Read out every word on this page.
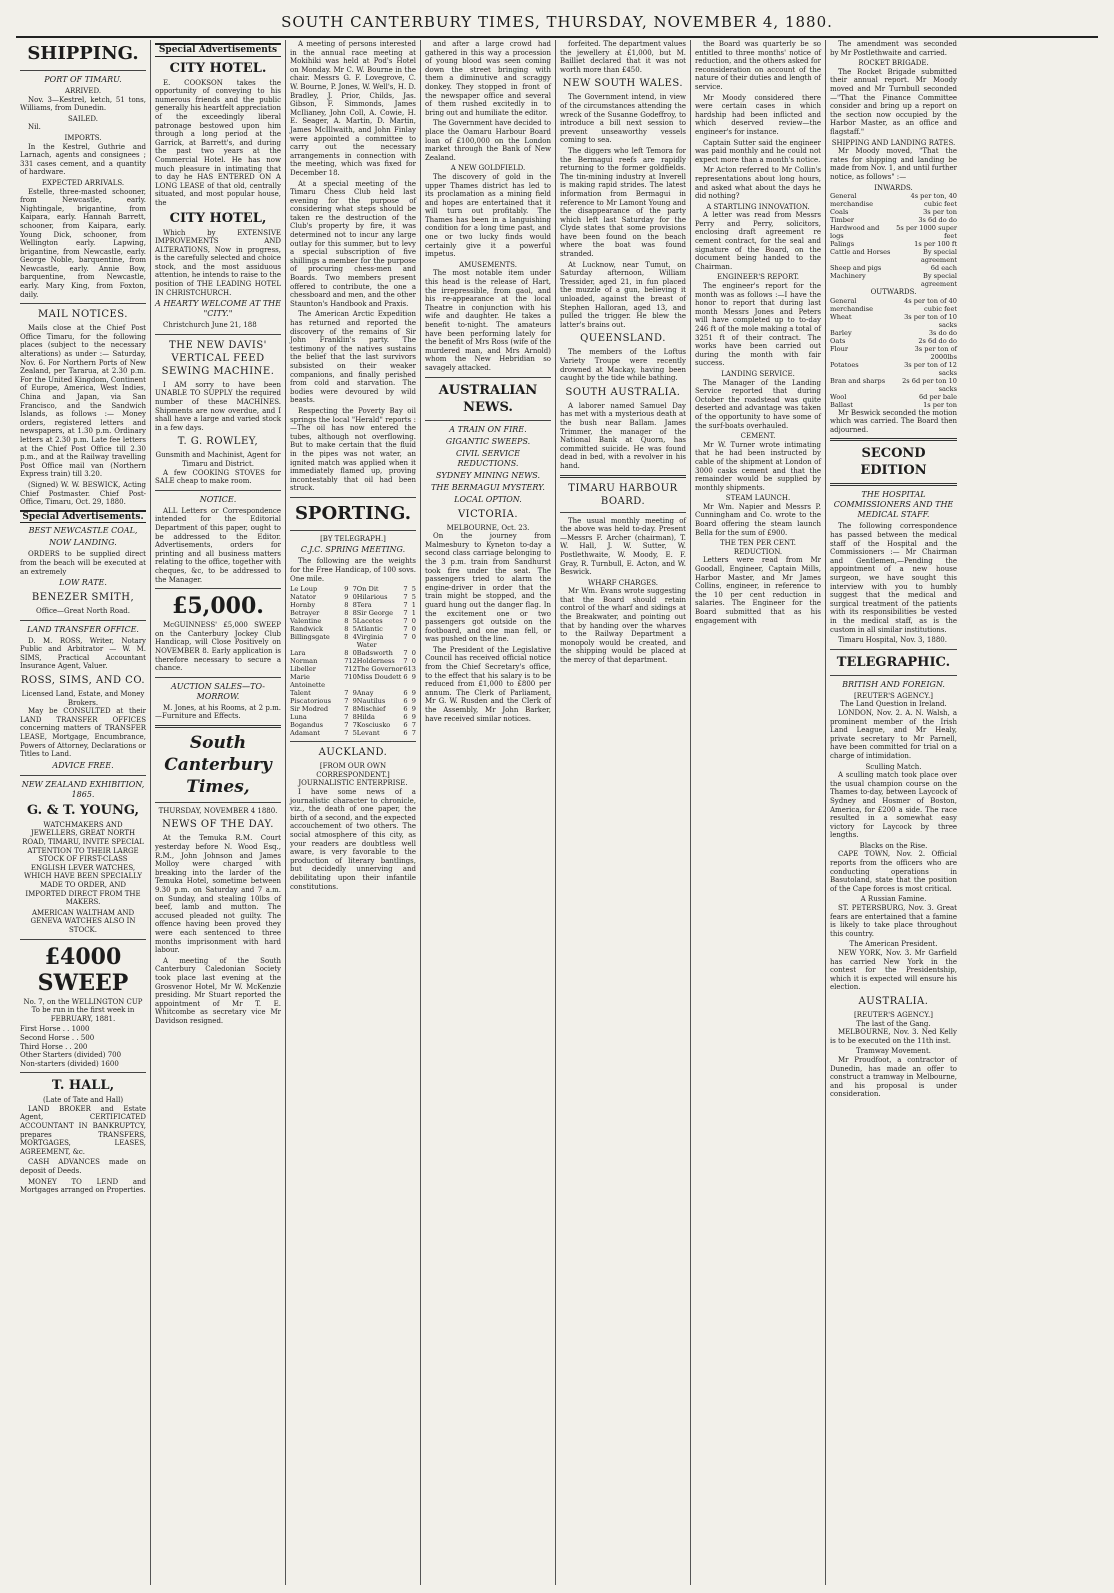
SOUTH CANTERBURY TIMES, THURSDAY, NOVEMBER 4, 1880.
SHIPPING.
PORT OF TIMARU.
ARRIVED.

Nov. 3—Kestrel, ketch, 51 tons, Williams, from Dunedin.

SAILED.

Nil.

IMPORTS.

In the Kestrel, Guthrie and Larnach, agents and consignees ; 331 cases cement, and a quantity of hardware.

EXPECTED ARRIVALS.

Estelle, three-masted schooner, from Newcastle, early. Nightingale, brigantine, from Kaipara, early. Hannah Barrett, schooner, from Kaipara, early. Young Dick, schooner, from Wellington early. Lapwing, brigantine, from Newcastle, early. George Noble, barquentine, from Newcastle, early. Annie Bow, barquentine, from Newcastle, early. Mary King, from Foxton, daily.

MAIL NOTICES.

Mails close at the Chief Post Office Timaru, for the following places (subject to the necessary alterations) as under :— Saturday, Nov. 6. For Northern Ports of New Zealand, per Tararua, at 2.30 p.m. For the United Kingdom, Continent of Europe, America, West Indies, China and Japan, via San Francisco, and the Sandwich Islands, as follows :— Money orders, registered letters and newspapers, at 1.30 p.m. Ordinary letters at 2.30 p.m. Late fee letters at the Chief Post Office till 2.30 p.m., and at the Railway travelling Post Office mail van (Northern Express train) till 3.20.

(Signed) W. W. BESWICK, Acting Chief Postmaster. Chief Post-Office, Timaru, Oct. 29, 1880.

Special Advertisements.
BEST NEWCASTLE COAL,
NOW LANDING.

ORDERS to be supplied direct from the beach will be executed at an extremely

LOW RATE.
BENEZER SMITH,
Office—Great North Road.
LAND TRANSFER OFFICE.

D. M. ROSS, Writer, Notary Public and Arbitrator — W. M. SIMS, Practical Accountant Insurance Agent, Valuer.

ROSS, SIMS, AND CO.
Licensed Land, Estate, and Money Brokers.

May be CONSULTED at their LAND TRANSFER OFFICES concerning matters of TRANSFER LEASE, Mortgage, Encumbrance, Powers of Attorney, Declarations or Titles to Land.

ADVICE FREE.
NEW ZEALAND EXHIBITION, 1865.
G. & T. YOUNG,

WATCHMAKERS AND JEWELLERS, GREAT NORTH ROAD, TIMARU, INVITE SPECIAL ATTENTION TO THEIR LARGE STOCK OF FIRST-CLASS ENGLISH LEVER WATCHES, WHICH HAVE BEEN SPECIALLY MADE TO ORDER, AND IMPORTED DIRECT FROM THE MAKERS.

AMERICAN WALTHAM AND GENEVA WATCHES ALSO IN STOCK.

£4000 SWEEP
No. 7, on the WELLINGTON CUP

To be run in the first week in FEBRUARY, 1881.

First Horse . . 1000
Second Horse . . 500
Third Horse . . 200
Other Starters (divided) 700
Non-starters (divided) 1600
T. HALL,
(Late of Tate and Hall)

LAND BROKER and Estate Agent, CERTIFICATED ACCOUNTANT IN BANKRUPTCY, prepares TRANSFERS, MORTGAGES, LEASES, AGREEMENT, &c.

CASH ADVANCES made on deposit of Deeds.

MONEY TO LEND and Mortgages arranged on Properties.

Special Advertisements
CITY HOTEL.

E. COOKSON takes the opportunity of conveying to his numerous friends and the public generally his heartfelt appreciation of the exceedingly liberal patronage bestowed upon him through a long period at the Garrick, at Barrett's, and during the past two years at the Commercial Hotel. He has now much pleasure in intimating that to day he HAS ENTERED ON A LONG LEASE of that old, centrally situated, and most popular house, the

CITY HOTEL,

Which by EXTENSIVE IMPROVEMENTS AND ALTERATIONS, Now in progress, is the carefully selected and choice stock, and the most assiduous attention, he intends to raise to the position of THE LEADING HOTEL IN CHRISTCHURCH.

A HEARTY WELCOME AT THE "CITY."

Christchurch June 21, 188

THE NEW DAVIS' VERTICAL FEED SEWING MACHINE.

I AM sorry to have been UNABLE TO SUPPLY the required number of these MACHINES. Shipments are now overdue, and I shall have a large and varied stock in a few days.

T. G. ROWLEY,
Gunsmith and Machinist, Agent for Timaru and District.

A few COOKING STOVES for SALE cheap to make room.

NOTICE.

ALL Letters or Correspondence intended for the Editorial Department of this paper, ought to be addressed to the Editor. Advertisements, orders for printing and all business matters relating to the office, together with cheques, &c, to be addressed to the Manager.

£5,000.

McGUINNESS' £5,000 SWEEP on the Canterbury Jockey Club Handicap, will Close Positively on NOVEMBER 8. Early application is therefore necessary to secure a chance.

AUCTION SALES—TO-MORROW.

M. Jones, at his Rooms, at 2 p.m.—Furniture and Effects.

South Canterbury Times,
THURSDAY, NOVEMBER 4 1880.
NEWS OF THE DAY.

At the Temuka R.M. Court yesterday before N. Wood Esq., R.M., John Johnson and James Molloy were charged with breaking into the larder of the Temuka Hotel, sometime between 9.30 p.m. on Saturday and 7 a.m. on Sunday, and stealing 10lbs of beef, lamb and mutton. The accused pleaded not guilty. The offence having been proved they were each sentenced to three months imprisonment with hard labour.

A meeting of the South Canterbury Caledonian Society took place last evening at the Grosvenor Hotel, Mr W. McKenzie presiding. Mr Stuart reported the appointment of Mr T. E. Whitcombe as secretary vice Mr Davidson resigned.

A meeting of persons interested in the annual race meeting at Mokihiki was held at Pod's Hotel on Monday. Mr C. W. Bourne in the chair. Messrs G. F. Lovegrove, C. W. Bourne, P. Jones, W. Well's, H. D. Bradley, J. Prior, Childs, Jas. Gibson, F. Simmonds, James McIlianey, John Coll, A. Cowie, H. E. Seager, A. Martin, D. Martin, James McIllwaith, and John Finlay were appointed a committee to carry out the necessary arrangements in connection with the meeting, which was fixed for December 18.

At a special meeting of the Timaru Chess Club held last evening for the purpose of considering what steps should be taken re the destruction of the Club's property by fire, it was determined not to incur any large outlay for this summer, but to levy a special subscription of five shillings a member for the purpose of procuring chess-men and Boards. Two members present offered to contribute, the one a chessboard and men, and the other Staunton's Handbook and Praxis.

The American Arctic Expedition has returned and reported the discovery of the remains of Sir John Franklin's party. The testimony of the natives sustains the belief that the last survivors subsisted on their weaker companions, and finally perished from cold and starvation. The bodies were devoured by wild beasts.

Respecting the Poverty Bay oil springs the local "Herald" reports :—The oil has now entered the tubes, although not overflowing. But to make certain that the fluid in the pipes was not water, an ignited match was applied when it immediately flamed up, proving incontestably that oil had been struck.

SPORTING.
[BY TELEGRAPH.]
C.J.C. SPRING MEETING.

The following are the weights for the Free Handicap, of 100 sovs. One mile.

Le Loup	9	7	On Dit	7	5
Natator	9	0	Hilarious	7	5
Hornby	8	8	Tera	7	1
Betrayer	8	8	Sir George	7	1
Valentine	8	5	Lacetes	7	0
Randwick	8	5	Atlantic	7	0
Billingsgate	8	4	Virginia Water	7	0
Lara	8	0	Badsworth	7	0
Norman	7	12	Holderness	7	0
Libeller	7	12	The Governor	6	13
Marie Antoinette	7	10	Miss Doudett	6	9
Talent	7	9	Anay	6	9
Piscatorious	7	9	Nautilus	6	9
Sir Modred	7	8	Mischief	6	9
Luna	7	8	Hilda	6	9
Bogandus	7	7	Kosciusko	6	7
Adamant	7	5	Levant	6	7
AUCKLAND.
[FROM OUR OWN CORRESPONDENT.]
JOURNALISTIC ENTERPRISE.

I have some news of a journalistic character to chronicle, viz., the death of one paper, the birth of a second, and the expected accouchement of two others. The social atmosphere of this city, as your readers are doubtless well aware, is very favorable to the production of literary bantlings, but decidedly unnerving and debilitating upon their infantile constitutions.

and after a large crowd had gathered in this way a procession of young blood was seen coming down the street bringing with them a diminutive and scraggy donkey. They stopped in front of the newspaper office and several of them rushed excitedly in to bring out and humiliate the editor.

The Government have decided to place the Oamaru Harbour Board loan of £100,000 on the London market through the Bank of New Zealand.

A NEW GOLDFIELD.

The discovery of gold in the upper Thames district has led to its proclamation as a mining field and hopes are entertained that it will turn out profitably. The Thames has been in a languishing condition for a long time past, and one or two lucky finds would certainly give it a powerful impetus.

AMUSEMENTS.

The most notable item under this head is the release of Hart, the irrepressible, from gaol, and his re-appearance at the local Theatre in conjunction with his wife and daughter. He takes a benefit to-night. The amateurs have been performing lately for the benefit of Mrs Ross (wife of the murdered man, and Mrs Arnold) whom the New Hebridian so savagely attacked.

AUSTRALIAN NEWS.
A TRAIN ON FIRE.
GIGANTIC SWEEPS.
CIVIL SERVICE REDUCTIONS.
SYDNEY MINING NEWS.
THE BERMAGUI MYSTERY.
LOCAL OPTION.
VICTORIA.
MELBOURNE, Oct. 23.

On the journey from Malmesbury to Kyneton to-day a second class carriage belonging to the 3 p.m. train from Sandhurst took fire under the seat. The passengers tried to alarm the engine-driver in order that the train might be stopped, and the guard hung out the danger flag. In the excitement one or two passengers got outside on the footboard, and one man fell, or was pushed on the line.

The President of the Legislative Council has received official notice from the Chief Secretary's office, to the effect that his salary is to be reduced from £1,000 to £800 per annum. The Clerk of Parliament, Mr G. W. Rusden and the Clerk of the Assembly, Mr John Barker, have received similar notices.

forfeited. The department values the jewellery at £1,000, but M. Bailliet declared that it was not worth more than £450.

NEW SOUTH WALES.

The Government intend, in view of the circumstances attending the wreck of the Susanne Godeffroy, to introduce a bill next session to prevent unseaworthy vessels coming to sea.

The diggers who left Temora for the Bermagui reefs are rapidly returning to the former goldfields. The tin-mining industry at Inverell is making rapid strides. The latest information from Bermagui in reference to Mr Lamont Young and the disappearance of the party which left last Saturday for the Clyde states that some provisions have been found on the beach where the boat was found stranded.

At Lucknow, near Tumut, on Saturday afternoon, William Tressider, aged 21, in fun placed the muzzle of a gun, believing it unloaded, against the breast of Stephen Halloran, aged 13, and pulled the trigger. He blew the latter's brains out.

QUEENSLAND.

The members of the Loftus Variety Troupe were recently drowned at Mackay, having been caught by the tide while bathing.

SOUTH AUSTRALIA.

A laborer named Samuel Day has met with a mysterious death at the bush near Ballam. James Trimmer, the manager of the National Bank at Quorn, has committed suicide. He was found dead in bed, with a revolver in his hand.

TIMARU HARBOUR BOARD.

The usual monthly meeting of the above was held to-day. Present—Messrs F. Archer (chairman), T. W. Hall, J. W. Sutter, W. Postlethwaite, W. Moody, E. F. Gray, R. Turnbull, E. Acton, and W. Beswick.

WHARF CHARGES.

Mr Wm. Evans wrote suggesting that the Board should retain control of the wharf and sidings at the Breakwater, and pointing out that by handing over the wharves to the Railway Department a monopoly would be created, and the shipping would be placed at the mercy of that department.

the Board was quarterly be so entitled to three months' notice of reduction, and the others asked for reconsideration on account of the nature of their duties and length of service.

Mr Moody considered there were certain cases in which hardship had been inflicted and which deserved review—the engineer's for instance.

Captain Sutter said the engineer was paid monthly and he could not expect more than a month's notice.

Mr Acton referred to Mr Collin's representations about long hours, and asked what about the days he did nothing?

A STARTLING INNOVATION.

A letter was read from Messrs Perry and Perry, solicitors, enclosing draft agreement re cement contract, for the seal and signature of the Board, on the document being handed to the Chairman.

ENGINEER'S REPORT.

The engineer's report for the month was as follows :—I have the honor to report that during last month Messrs Jones and Peters will have completed up to to-day 246 ft of the mole making a total of 3251 ft of their contract. The works have been carried out during the month with fair success.

LANDING SERVICE.

The Manager of the Landing Service reported that during October the roadstead was quite deserted and advantage was taken of the opportunity to have some of the surf-boats overhauled.

CEMENT.

Mr W. Turner wrote intimating that he had been instructed by cable of the shipment at London of 3000 casks cement and that the remainder would be supplied by monthly shipments.

STEAM LAUNCH.

Mr Wm. Napier and Messrs P. Cunningham and Co. wrote to the Board offering the steam launch Bella for the sum of £900.

THE TEN PER CENT. REDUCTION.

Letters were read from Mr Goodall, Engineer, Captain Mills, Harbor Master, and Mr James Collins, engineer, in reference to the 10 per cent reduction in salaries. The Engineer for the Board submitted that as his engagement with

The amendment was seconded by Mr Postlethwaite and carried.

ROCKET BRIGADE.

The Rocket Brigade submitted their annual report. Mr Moody moved and Mr Turnbull seconded—"That the Finance Committee consider and bring up a report on the section now occupied by the Harbor Master, as an office and flagstaff."

SHIPPING AND LANDING RATES.

Mr Moody moved, "That the rates for shipping and landing be made from Nov. 1, and until further notice, as follows" :—

INWARDS.
General merchandise	4s per ton, 40 cubic feet
Coals	3s per ton
Timber	3s 6d do do
Hardwood and logs	5s per 1000 super feet
Palings	1s per 100 ft
Cattle and Horses	By special agreement
Sheep and pigs	6d each
Machinery	By special agreement
OUTWARDS.
General merchandise	4s per ton of 40 cubic feet
Wheat	3s per ton of 10 sacks
Barley	3s do do
Oats	2s 6d do do
Flour	3s per ton of 2000lbs
Potatoes	3s per ton of 12 sacks
Bran and sharps	2s 6d per ton 10 sacks
Wool	6d per bale
Ballast	1s per ton

Mr Beswick seconded the motion which was carried. The Board then adjourned.

SECOND EDITION
THE HOSPITAL COMMISSIONERS AND THE MEDICAL STAFF.

The following correspondence has passed between the medical staff of the Hospital and the Commissioners :— Mr Chairman and Gentlemen,—Pending the appointment of a new house surgeon, we have sought this interview with you to humbly suggest that the medical and surgical treatment of the patients with its responsibilities be vested in the medical staff, as is the custom in all similar institutions.

Timaru Hospital, Nov. 3, 1880.

TELEGRAPHIC.
BRITISH AND FOREIGN.
[REUTER'S AGENCY.]
The Land Question in Ireland.

LONDON, Nov. 2. A. N. Walsh, a prominent member of the Irish Land League, and Mr Healy, private secretary to Mr Parnell, have been committed for trial on a charge of intimidation.

Sculling Match.

A sculling match took place over the usual champion course on the Thames to-day, between Laycock of Sydney and Hosmer of Boston, America, for £200 a side. The race resulted in a somewhat easy victory for Laycock by three lengths.

Blacks on the Rise.

CAPE TOWN, Nov. 2. Official reports from the officers who are conducting operations in Basutoland, state that the position of the Cape forces is most critical.

A Russian Famine.

ST. PETERSBURG, Nov. 3. Great fears are entertained that a famine is likely to take place throughout this country.

The American President.

NEW YORK, Nov. 3. Mr Garfield has carried New York in the contest for the Presidentship, which it is expected will ensure his election.

AUSTRALIA.
[REUTER'S AGENCY.]
The last of the Gang.

MELBOURNE, Nov. 3. Ned Kelly is to be executed on the 11th inst.

Tramway Movement.

Mr Proudfoot, a contractor of Dunedin, has made an offer to construct a tramway in Melbourne, and his proposal is under consideration.
